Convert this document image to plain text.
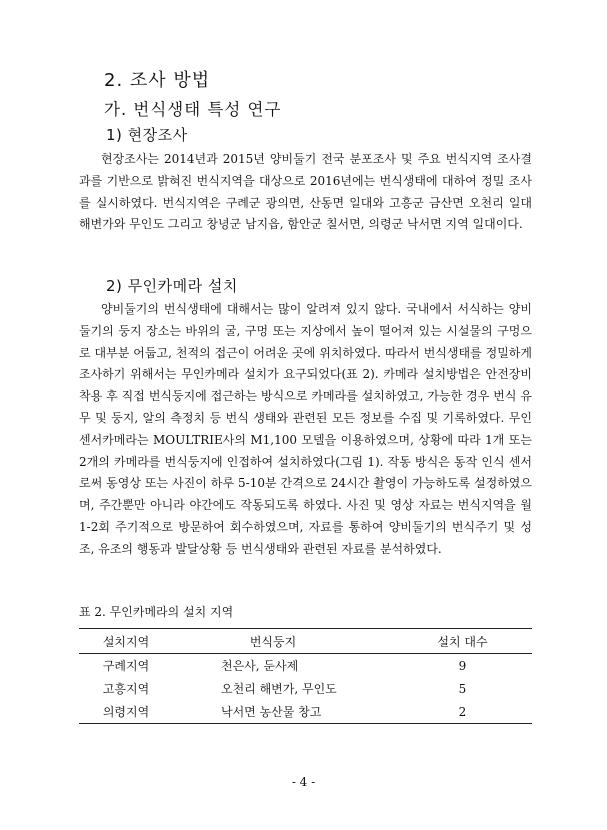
2. 조사 방법
가. 번식생태 특성 연구
1) 현장조사

현장조사는 2014년과 2015년 양비둘기 전국 분포조사 및 주요 번식지역 조사결과를 기반으로 밝혀진 번식지역을 대상으로 2016년에는 번식생태에 대하여 정밀 조사를 실시하였다. 번식지역은 구례군 광의면, 산동면 일대와 고흥군 금산면 오천리 일대 해변가와 무인도 그리고 창녕군 남지읍, 함안군 칠서면, 의령군 낙서면 지역 일대이다.

2) 무인카메라 설치

양비둘기의 번식생태에 대해서는 많이 알려져 있지 않다. 국내에서 서식하는 양비둘기의 둥지 장소는 바위의 굴, 구멍 또는 지상에서 높이 떨어져 있는 시설물의 구멍으로 대부분 어둡고, 천적의 접근이 어려운 곳에 위치하였다. 따라서 번식생태를 정밀하게 조사하기 위해서는 무인카메라 설치가 요구되었다(표 2). 카메라 설치방법은 안전장비 착용 후 직접 번식둥지에 접근하는 방식으로 카메라를 설치하였고, 가능한 경우 번식 유무 및 둥지, 알의 측정치 등 번식 생태와 관련된 모든 정보를 수집 및 기록하였다. 무인센서카메라는 MOULTRIE사의 M1,100 모델을 이용하였으며, 상황에 따라 1개 또는 2개의 카메라를 번식둥지에 인접하여 설치하였다(그림 1). 작동 방식은 동작 인식 센서로써 동영상 또는 사진이 하루 5-10분 간격으로 24시간 촬영이 가능하도록 설정하였으며, 주간뿐만 아니라 야간에도 작동되도록 하였다. 사진 및 영상 자료는 번식지역을 월 1-2회 주기적으로 방문하여 회수하였으며, 자료를 통하여 양비둘기의 번식주기 및 성조, 유조의 행동과 발달상황 등 번식생태와 관련된 자료를 분석하였다.

표 2. 무인카메라의 설치 지역

설치지역	번식둥지	설치 대수
구례지역	천은사, 둔사제	9
고흥지역	오천리 해변가, 무인도	5
의령지역	낙서면 농산물 창고	2
- 4 -
